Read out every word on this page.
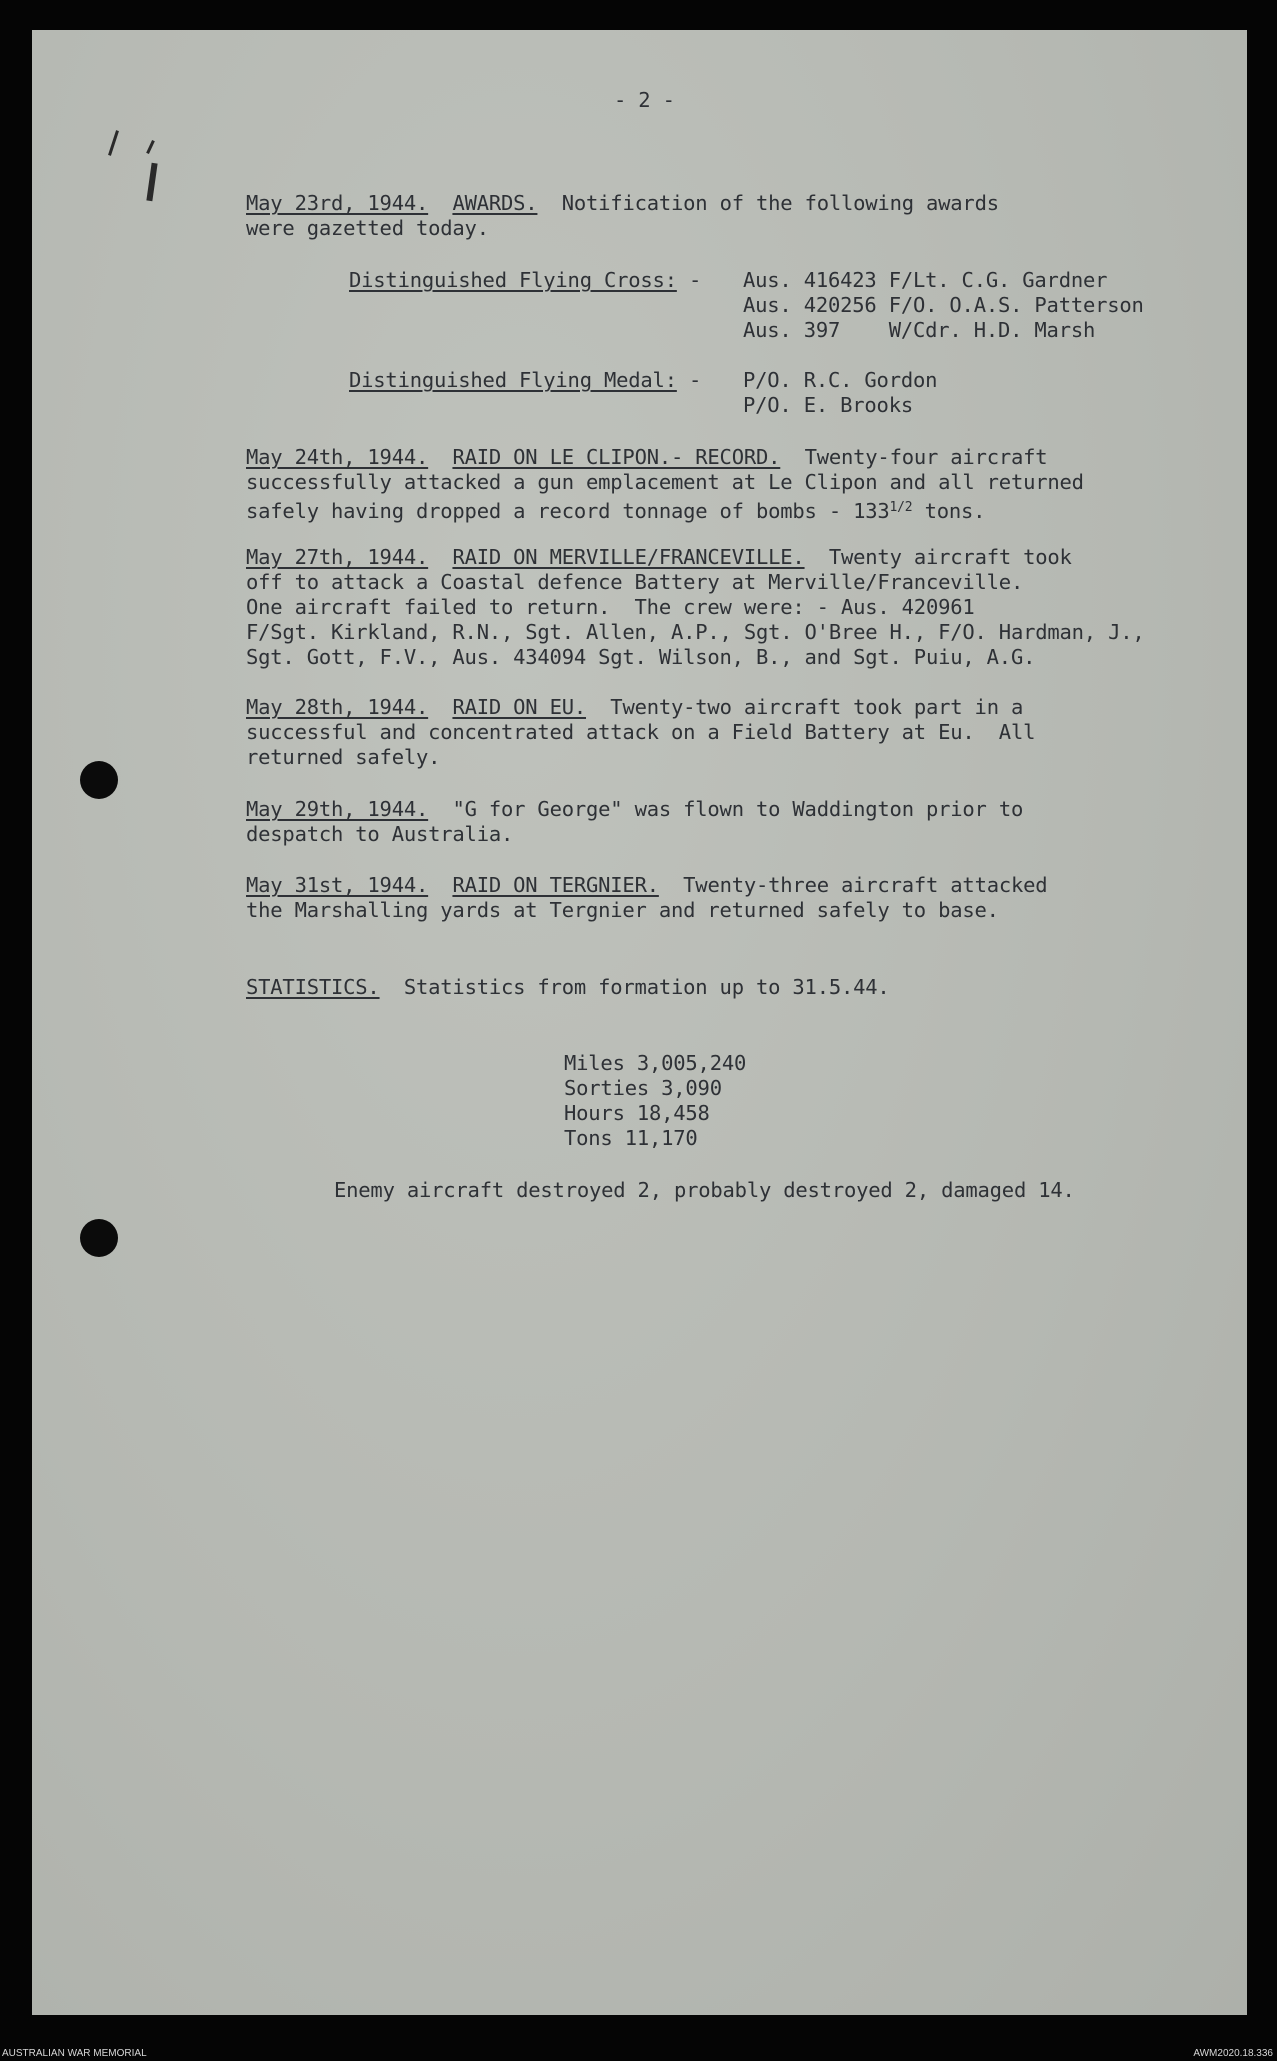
- 2 -
May 23rd, 1944. AWARDS. Notification of the following awards
were gazetted today.
Distinguished Flying Cross: - Aus. 416423 F/Lt. C.G. Gardner
Aus. 420256 F/O. O.A.S. Patterson
Aus. 397    W/Cdr. H.D. Marsh
Distinguished Flying Medal: - P/O. R.C. Gordon
P/O. E. Brooks
May 24th, 1944. RAID ON LE CLIPON.- RECORD. Twenty-four aircraft
successfully attacked a gun emplacement at Le Clipon and all returned
safely having dropped a record tonnage of bombs - $133^{1/2}$ tons.
May 27th, 1944. RAID ON MERVILLE/FRANCEVILLE. Twenty aircraft took
off to attack a Coastal defence Battery at Merville/Franceville.
One aircraft failed to return.  The crew were: - Aus. 420961
F/Sgt. Kirkland, R.N., Sgt. Allen, A.P., Sgt. O'Bree H., F/O. Hardman, J.,
Sgt. Gott, F.V., Aus. 434094 Sgt. Wilson, B., and Sgt. Puiu, A.G.
May 28th, 1944. RAID ON EU. Twenty-two aircraft took part in a
successful and concentrated attack on a Field Battery at Eu.  All
returned safely.
May 29th, 1944. "G for George" was flown to Waddington prior to
despatch to Australia.
May 31st, 1944. RAID ON TERGNIER. Twenty-three aircraft attacked
the Marshalling yards at Tergnier and returned safely to base.
STATISTICS. Statistics from formation up to 31.5.44.
Miles 3,005,240
Sorties 3,090
Hours 18,458
Tons 11,170
Enemy aircraft destroyed 2, probably destroyed 2, damaged 14.
AUSTRALIAN WAR MEMORIAL	AWM2020.18.336
